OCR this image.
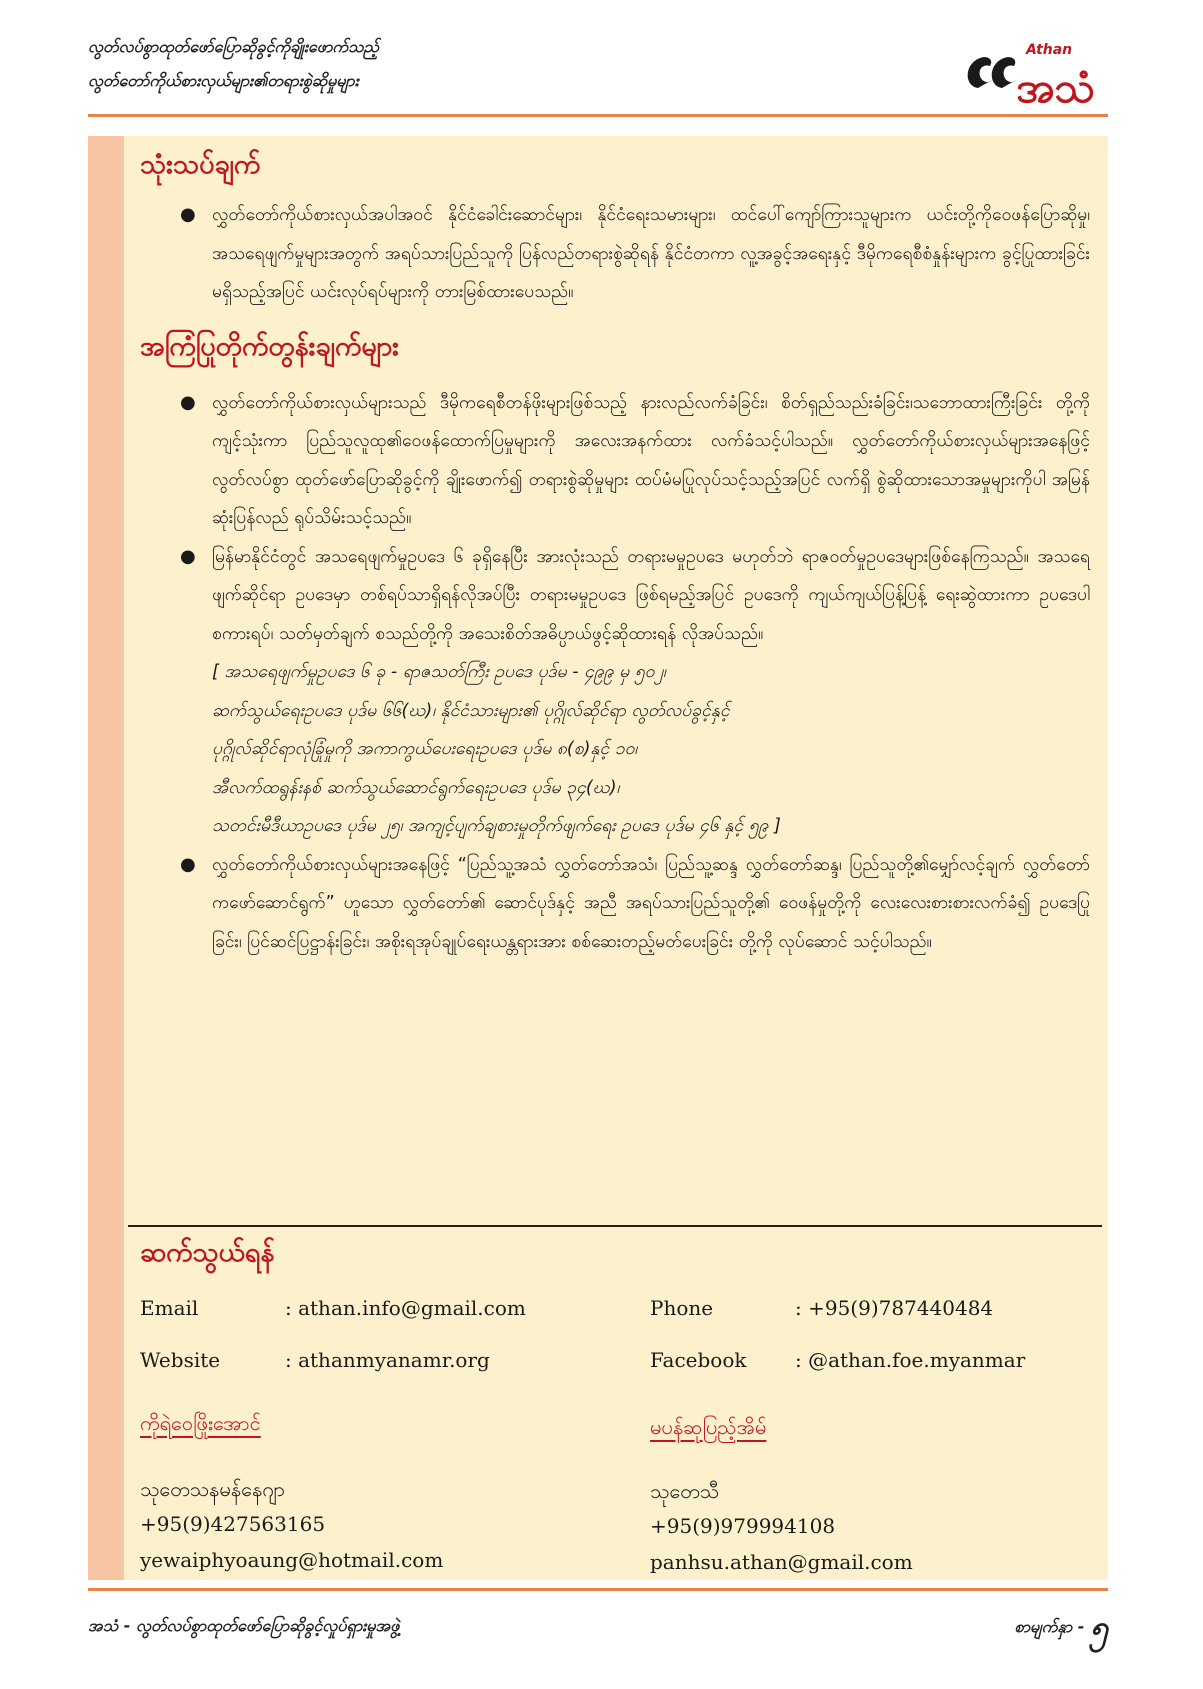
လွတ်လပ်စွာထုတ်ဖော်ပြောဆိုခွင့်ကိုချိုးဖောက်သည့်
လွတ်တော်ကိုယ်စားလှယ်များ၏တရားစွဲဆိုမှုများ
Athan
အသံ
သုံးသပ်ချက်
● လွှတ်တော်ကိုယ်စားလှယ်အပါအဝင် နိုင်ငံခေါင်းဆောင်များ၊ နိုင်ငံရေးသမားများ၊ ထင်ပေါ်ကျော်ကြားသူများက ယင်းတို့ကိုဝေဖန်ပြောဆိုမှု၊ အသရေဖျက်မှုများအတွက် အရပ်သားပြည်သူကို ပြန်လည်တရားစွဲဆိုရန် နိုင်ငံတကာ လူ့အခွင့်အရေးနှင့် ဒီမိုကရေစီစံနှုန်းများက ခွင့်ပြုထားခြင်း မရှိသည့်အပြင် ယင်းလုပ်ရပ်များကို တားမြစ်ထားပေသည်။
အကြံပြုတိုက်တွန်းချက်များ
● လွှတ်တော်ကိုယ်စားလှယ်များသည် ဒီမိုကရေစီတန်ဖိုးများဖြစ်သည့် နားလည်လက်ခံခြင်း၊ စိတ်ရှည်သည်းခံခြင်း၊သဘောထားကြီးခြင်း တို့ကိုကျင့်သုံးကာ ပြည်သူလူထု၏ဝေဖန်ထောက်ပြမှုများကို အလေးအနက်ထား လက်ခံသင့်ပါသည်။ လွှတ်တော်ကိုယ်စားလှယ်များအနေဖြင့် လွတ်လပ်စွာ ထုတ်ဖော်ပြောဆိုခွင့်ကို ချိုးဖောက်၍ တရားစွဲဆိုမှုများ ထပ်မံမပြုလုပ်သင့်သည့်အပြင် လက်ရှိ စွဲဆိုထားသောအမှုများကိုပါ အမြန်ဆုံးပြန်လည် ရုပ်သိမ်းသင့်သည်။
● မြန်မာနိုင်ငံတွင် အသရေဖျက်မှုဥပဒေ ၆ ခုရှိနေပြီး အားလုံးသည် တရားမမှုဥပဒေ မဟုတ်ဘဲ ရာဇဝတ်မှုဥပဒေများဖြစ်နေကြသည်။ အသရေဖျက်ဆိုင်ရာ ဥပဒေမှာ တစ်ရပ်သာရှိရန်လိုအပ်ပြီး တရားမမှုဥပဒေ ဖြစ်ရမည့်အပြင် ဥပဒေကို ကျယ်ကျယ်ပြန့်ပြန့် ရေးဆွဲထားကာ ဥပဒေပါ စကားရပ်၊ သတ်မှတ်ချက် စသည်တို့ကို အသေးစိတ်အဓိပ္ပာယ်ဖွင့်ဆိုထားရန် လိုအပ်သည်။
[ အသရေဖျက်မှုဥပဒေ ၆ ခု - ရာဇသတ်ကြီး ဥပဒေ ပုဒ်မ - ၄၉၉ မှ ၅၀၂၊
ဆက်သွယ်ရေးဥပဒေ ပုဒ်မ ၆၆(ဃ)၊ နိုင်ငံသားများ၏ ပုဂ္ဂိုလ်ဆိုင်ရာ လွတ်လပ်ခွင့်နှင့်
ပုဂ္ဂိုလ်ဆိုင်ရာလုံခြုံမှုကို အကာကွယ်ပေးရေးဥပဒေ ပုဒ်မ ၈(စ)နှင့် ၁၀၊
အီလက်ထရွန်းနစ် ဆက်သွယ်ဆောင်ရွက်ရေးဥပဒေ ပုဒ်မ ၃၄(ဃ)၊
သတင်းမီဒီယာဥပဒေ ပုဒ်မ ၂၅၊ အကျင့်ပျက်ချစားမှုတိုက်ဖျက်ရေး ဥပဒေ ပုဒ်မ ၄၆ နှင့် ၅၉ ]
● လွှတ်တော်ကိုယ်စားလှယ်များအနေဖြင့် “ပြည်သူ့အသံ လွှတ်တော်အသံ၊ ပြည်သူ့ဆန္ဒ လွှတ်တော်ဆန္ဒ၊ ပြည်သူတို့၏မျှော်လင့်ချက် လွှတ်တော်ကဖော်ဆောင်ရွက်” ဟူသော လွှတ်တော်၏ ဆောင်ပုဒ်နှင့် အညီ အရပ်သားပြည်သူတို့၏ ဝေဖန်မှုတို့ကို လေးလေးစားစားလက်ခံ၍ ဥပဒေပြုခြင်း၊ ပြင်ဆင်ပြဋ္ဌာန်းခြင်း၊ အစိုးရအုပ်ချုပ်ရေးယန္တရားအား စစ်ဆေးတည့်မတ်ပေးခြင်း တို့ကို လုပ်ဆောင် သင့်ပါသည်။
ဆက်သွယ်ရန်
Email	: athan.info@gmail.com
Website	: athanmyanamr.org
Phone	: +95(9)787440484
Facebook : @athan.foe.myanmar
ကိုရဲဝေဖြိုးအောင်
သုတေသနမန်နေဂျာ
+95(9)427563165
yewaiphyoaung@hotmail.com
မပန်ဆုပြည့်အိမ်
သုတေသီ
+95(9)979994108
panhsu.athan@gmail.com
အသံ - လွတ်လပ်စွာထုတ်ဖော်ပြောဆိုခွင့်လှုပ်ရှားမှုအဖွဲ့	စာမျက်နှာ - ၅
